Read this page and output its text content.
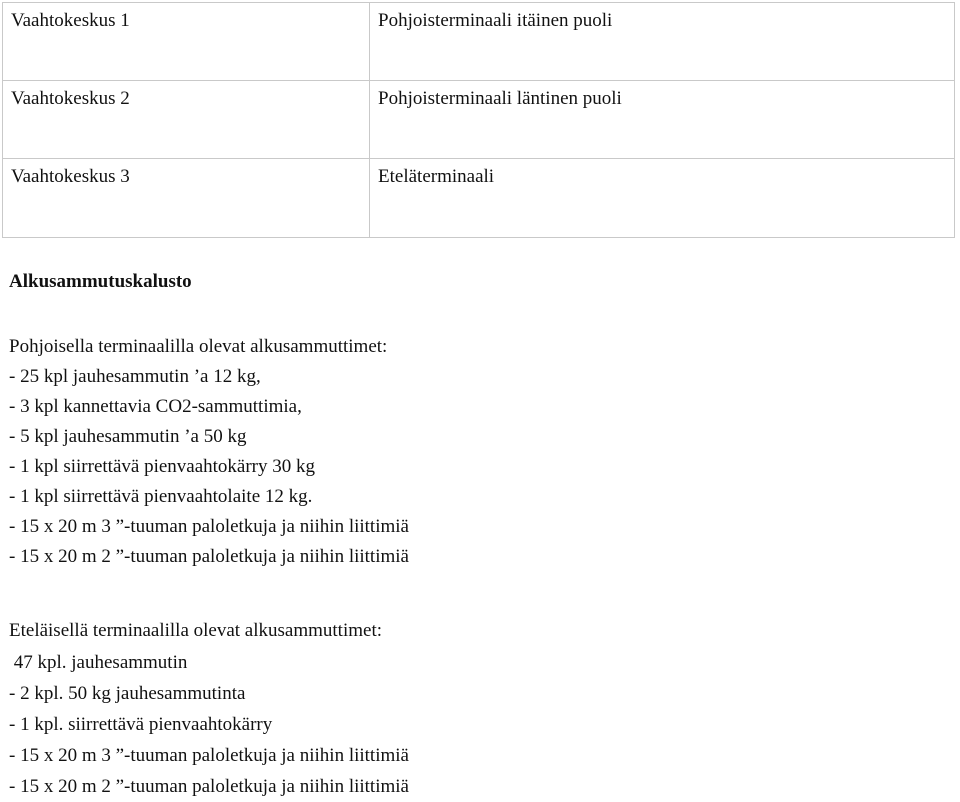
Vaahtokeskus 1	Pohjoisterminaali itäinen puoli
Vaahtokeskus 2	Pohjoisterminaali läntinen puoli
Vaahtokeskus 3	Eteläterminaali
Alkusammutuskalusto
Pohjoisella terminaalilla olevat alkusammuttimet:
- 25 kpl jauhesammutin ’a 12 kg,
- 3 kpl kannettavia CO2-sammuttimia,
- 5 kpl jauhesammutin ’a 50 kg
- 1 kpl siirrettävä pienvaahtokärry 30 kg
- 1 kpl siirrettävä pienvaahtolaite 12 kg.
- 15 x 20 m 3 ”-tuuman paloletkuja ja niihin liittimiä
- 15 x 20 m 2 ”-tuuman paloletkuja ja niihin liittimiä
Eteläisellä terminaalilla olevat alkusammuttimet:
47 kpl. jauhesammutin
- 2 kpl. 50 kg jauhesammutinta
- 1 kpl. siirrettävä pienvaahtokärry
- 15 x 20 m 3 ”-tuuman paloletkuja ja niihin liittimiä
- 15 x 20 m 2 ”-tuuman paloletkuja ja niihin liittimiä
